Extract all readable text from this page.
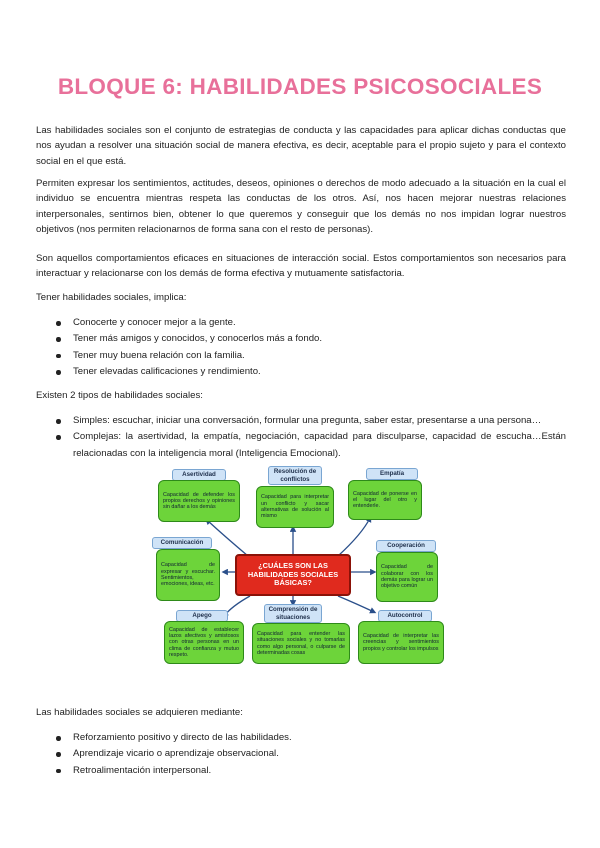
BLOQUE 6: HABILIDADES PSICOSOCIALES

Las habilidades sociales son el conjunto de estrategias de conducta y las capacidades para aplicar dichas conductas que nos ayudan a resolver una situación social de manera efectiva, es decir, aceptable para el propio sujeto y para el contexto social en el que está.

Permiten expresar los sentimientos, actitudes, deseos, opiniones o derechos de modo adecuado a la situación en la cual el individuo se encuentra mientras respeta las conductas de los otros. Así, nos hacen mejorar nuestras relaciones interpersonales, sentirnos bien, obtener lo que queremos y conseguir que los demás no nos impidan lograr nuestros objetivos (nos permiten relacionarnos de forma sana con el resto de personas).

Son aquellos comportamientos eficaces en situaciones de interacción social. Estos comportamientos son necesarios para interactuar y relacionarse con los demás de forma efectiva y mutuamente satisfactoria.

Tener habilidades sociales, implica:

Conocerte y conocer mejor a la gente.
Tener más amigos y conocidos, y conocerlos más a fondo.
Tener muy buena relación con la familia.
Tener elevadas calificaciones y rendimiento.

Existen 2 tipos de habilidades sociales:

Simples: escuchar, iniciar una conversación, formular una pregunta, saber estar, presentarse a una persona…
Complejas: la asertividad, la empatía, negociación, capacidad para disculparse, capacidad de escucha…Están relacionadas con la inteligencia moral (Inteligencia Emocional).
Asertividad
Capacidad de defender los propios derechos y opiniones sin dañar a los demás
Resolución de conflictos
Capacidad para interpretar un conflicto y sacar alternativas de solución al mismo
Empatía
Capacidad de ponerse en el lugar del otro y entenderle.
Comunicación
Capacidad de expresar y escuchar. Sentimientos, emociones, ideas, etc.
¿CUÁLES SON LAS HABILIDADES SOCIALES BÁSICAS?
Cooperación
Capacidad de colaborar con los demás para lograr un objetivo común
Apego
Capacidad de establecer lazos afectivos y amistosos con otras personas en un clima de confianza y mutuo respeto.
Comprensión de situaciones
Capacidad para entender las situaciones sociales y no tomarlas como algo personal, o culparse de determinadas cosas
Autocontrol
Capacidad de interpretar las creencias y sentimientos propios y controlar los impulsos

Las habilidades sociales se adquieren mediante:

Reforzamiento positivo y directo de las habilidades.
Aprendizaje vicario o aprendizaje observacional.
Retroalimentación interpersonal.
